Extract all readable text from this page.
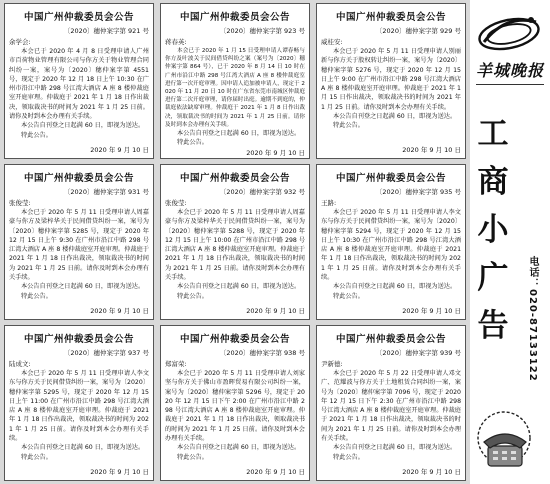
中国广州仲裁委员会公告
〔2020〕穗仲案字第 921 号
余学会:
本会已于 2020 年 4 月 8 日受理申请人广州市百荷物业管理有限公司与你方关于物业管理合同纠纷一案，案号为〔2020〕穗仲案字第 4551 号，现定于 2020 年 12 月 18 日上午 10:30 在广州市沿江中路 298 号江湾大酒店 A 座 8 楼仲裁庭室开庭审理。仲裁庭于 2021 年 1 月 18 日作出裁决，领取裁决书的时间为 2021 年 1 月 25 日前。请你及时到本会办理有关手续。
本公告自刊登之日起满 60 日，即视为送达。
特此公告。
2020 年 9 月 10 日
中国广州仲裁委员会公告
〔2020〕穗仲案字第 923 号
蒋春英:
本会已于 2020 年 1 月 15 日受理申请人谭春畅与你方及叶波关于民间借贷纠纷之案（案号为〔2020〕穗仲案字第 864 号），已于 2020 年 8 月 14 日 10 时在广州市沿江中路 298 号江湾大酒店 A 座 8 楼仲裁庭室进行第一次开庭审理。因申请人追加被申请人，现定于 2020 年 11 月 20 日 10 时在广东省东莞市南城区仲裁庭进行第二次开庭审理，请你届时出庭。逾期不到庭的，仲裁庭依法缺席审理。仲裁庭于 2021 年 1 月 8 日作出裁决，领取裁决书的时间为 2021 年 1 月 25 日前。请你及时到本会办理有关手续。
本公告自刊登之日起满 60 日，即视为送达。
特此公告。
2020 年 9 月 10 日
中国广州仲裁委员会公告
〔2020〕穗仲案字第 929 号
威桂安:
本会已于 2020 年 5 月 11 日受理申请人别丽新与你方关于股权转让纠纷一案，案号为〔2020〕穗仲案字第 5276 号，现定于 2020 年 12 月 15 日上午 9:00 在广州市沿江中路 298 号江湾大酒店 A 座 8 楼仲裁庭室开庭审理。仲裁庭于 2021 年 1 月 15 日作出裁决，领取裁决书的时间为 2021 年 1 月 25 日前。请你及时到本会办理有关手续。
本公告自刊登之日起满 60 日，即视为送达。
特此公告。
2020 年 9 月 10 日
中国广州仲裁委员会公告
〔2020〕穗仲案字第 931 号
张俊莹:
本会已于 2020 年 5 月 11 日受理申请人周嘉豪与你方及梁梓华关于民间借贷纠纷一案，案号为〔2020〕穗仲案字第 5285 号，现定于 2020 年 12 月 15 日上午 9:30 在广州市沿江中路 298 号江湾大酒店 A 座 8 楼仲裁庭室开庭审理。仲裁庭于 2021 年 1 月 18 日作出裁决，领取裁决书的时间为 2021 年 1 月 25 日前。请你及时到本会办理有关手续。
本公告自刊登之日起满 60 日，即视为送达。
特此公告。
2020 年 9 月 10 日
中国广州仲裁委员会公告
〔2020〕穗仲案字第 932 号
张俊莹:
本会已于 2020 年 5 月 11 日受理申请人周嘉豪与你方及梁梓华关于民间借贷纠纷一案，案号为〔2020〕穗仲案字第 5288 号，现定于 2020 年 12 月 15 日上午 10:00 在广州市沿江中路 298 号江湾大酒店 A 座 8 楼仲裁庭室开庭审理。仲裁庭于 2021 年 1 月 18 日作出裁决，领取裁决书的时间为 2021 年 1 月 25 日前。请你及时到本会办理有关手续。
本公告自刊登之日起满 60 日，即视为送达。
特此公告。
2020 年 9 月 10 日
中国广州仲裁委员会公告
〔2020〕穗仲案字第 935 号
王路:
本会已于 2020 年 5 月 11 日受理申请人李文东与你方关于民间借贷纠纷一案，案号为〔2020〕穗仲案字第 5294 号，现定于 2020 年 12 月 15 日上午 10:30 在广州市沿江中路 298 号江湾大酒店 A 座 8 楼仲裁庭室开庭审理。仲裁庭于 2021 年 1 月 18 日作出裁决，领取裁决书的时间为 2021 年 1 月 25 日前。请你及时到本会办理有关手续。
本公告自刊登之日起满 60 日，即视为送达。
特此公告。
2020 年 9 月 10 日
中国广州仲裁委员会公告
〔2020〕穗仲案字第 937 号
陆成文:
本会已于 2020 年 5 月 11 日受理申请人李文东与你方关于民间借贷纠纷一案，案号为〔2020〕穗仲案字第 5295 号，现定于 2020 年 12 月 15 日上午 11:00 在广州市沿江中路 298 号江湾大酒店 A 座 8 楼仲裁庭室开庭审理。仲裁庭于 2021 年 1 月 18 日作出裁决，领取裁决书的时间为 2021 年 1 月 25 日前。请你及时到本会办理有关手续。
本公告自刊登之日起满 60 日，即视为送达。
特此公告。
2020 年 9 月 10 日
中国广州仲裁委员会公告
〔2020〕穗仲案字第 938 号
郑富荣:
本会已于 2020 年 5 月 11 日受理申请人刘家坚与你方关于佛山市盈晖贸易有限公司纠纷一案，案号为〔2020〕穗仲案字第 5296 号，现定于 2020 年 12 月 15 日下午 2:00 在广州市沿江中路 298 号江湾大酒店 A 座 8 楼仲裁庭室开庭审理。仲裁庭于 2021 年 1 月 18 日作出裁决，领取裁决书的时间为 2021 年 1 月 25 日前。请你及时到本会办理有关手续。
本公告自刊登之日起满 60 日，即视为送达。
特此公告。
2020 年 9 月 10 日
中国广州仲裁委员会公告
〔2020〕穗仲案字第 939 号
尹新德:
本会已于 2020 年 5 月 22 日受理申请人邓文广、范耀波与你方关于土地租赁合同纠纷一案，案号为〔2020〕穗仲案字第 7096 号，现定于 2020 年 12 月 15 日下午 2:30 在广州市沿江中路 298 号江湾大酒店 A 座 8 楼仲裁庭室开庭审理。仲裁庭于 2021 年 1 月 18 日作出裁决，领取裁决书的时间为 2021 年 1 月 25 日前。请你及时到本会办理有关手续。
本公告自刊登之日起满 60 日，即视为送达。
特此公告。
2020 年 9 月 10 日
羊城晚报
工商小广告	电话：020-87133122
